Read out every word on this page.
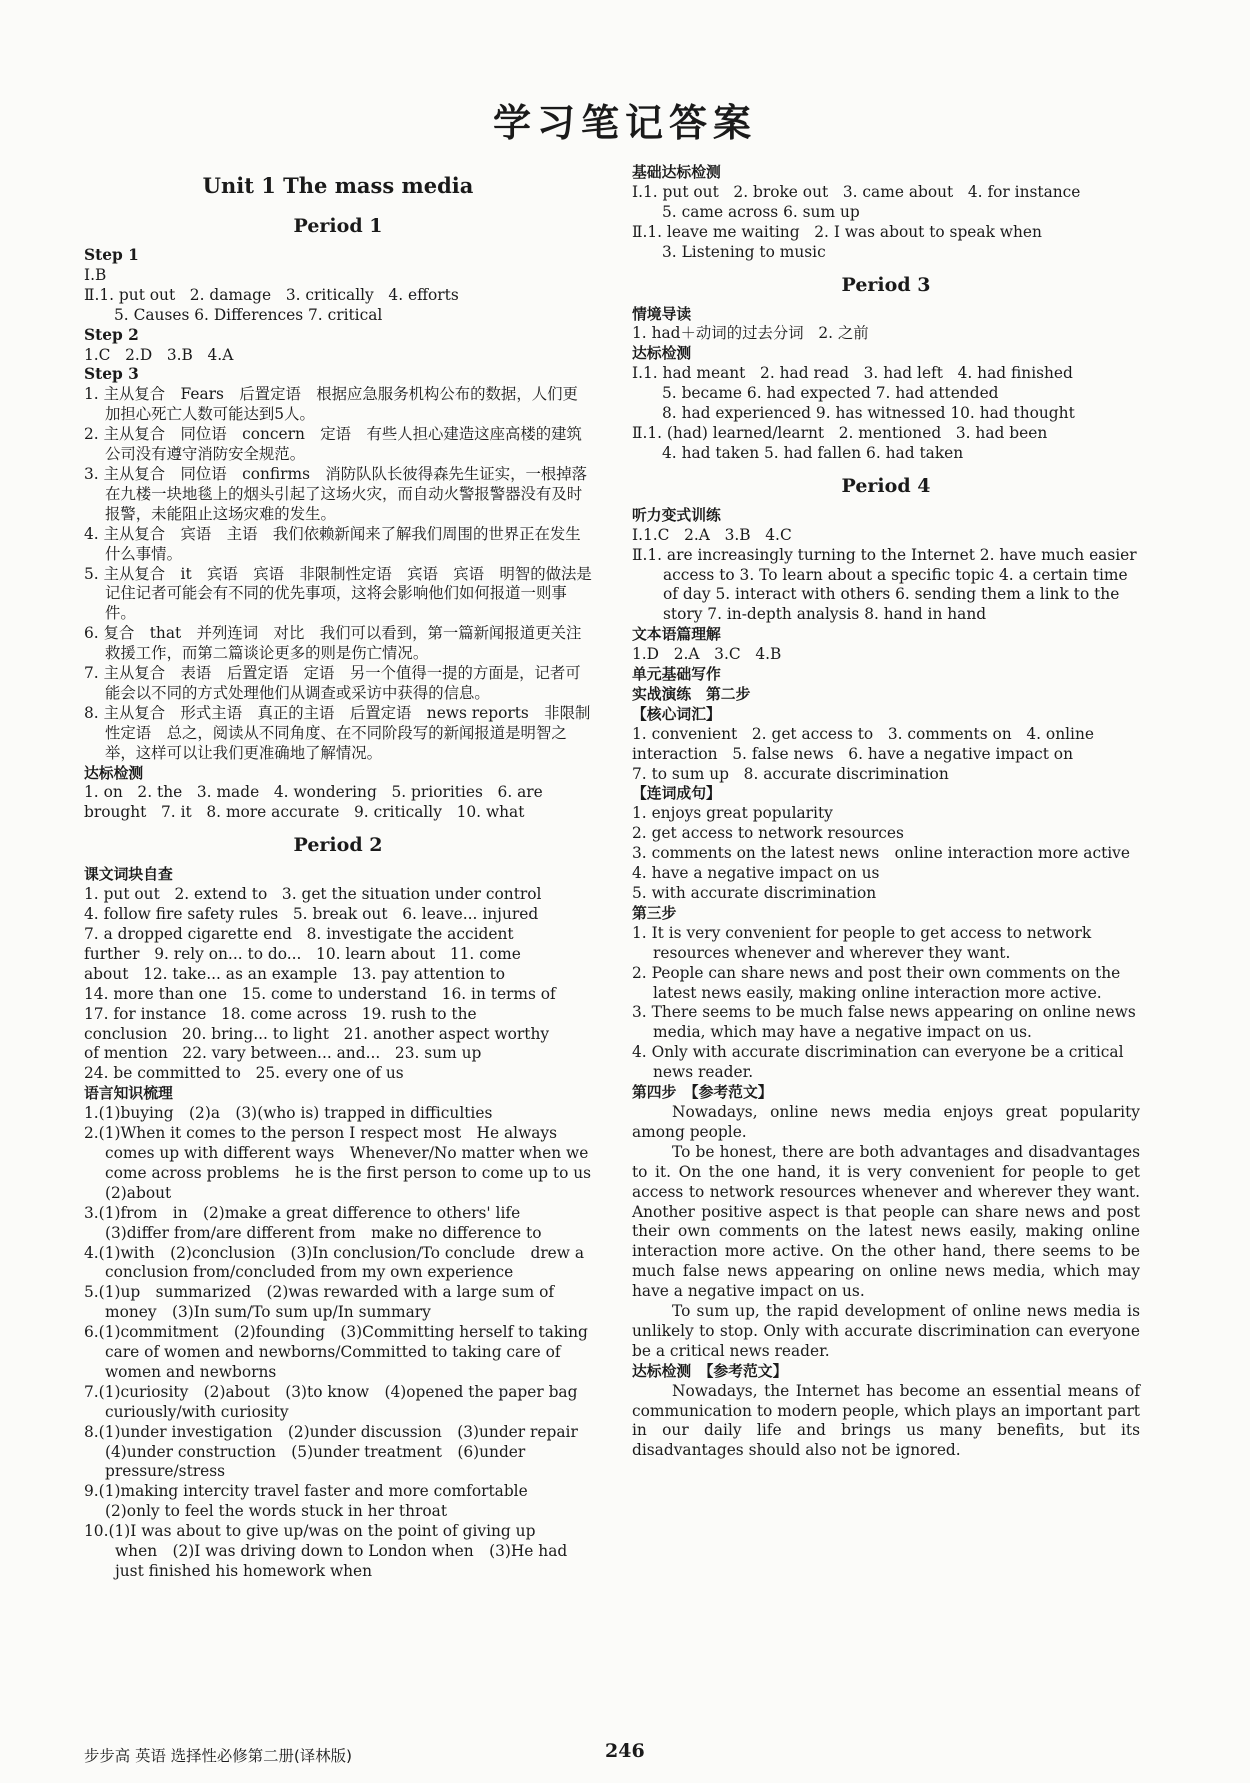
学习笔记答案

Unit 1 The mass media

Period 1

Step 1

Ⅰ.B

Ⅱ.1. put out   2. damage   3. critically   4. efforts

5. Causes 6. Differences 7. critical

Step 2

1.C   2.D   3.B   4.A

Step 3

1. 主从复合　Fears　后置定语　根据应急服务机构公布的数据，人们更加担心死亡人数可能达到5人。

2. 主从复合　同位语　concern　定语　有些人担心建造这座高楼的建筑公司没有遵守消防安全规范。

3. 主从复合　同位语　confirms　消防队队长彼得森先生证实，一根掉落在九楼一块地毯上的烟头引起了这场火灾，而自动火警报警器没有及时报警，未能阻止这场灾难的发生。

4. 主从复合　宾语　主语　我们依赖新闻来了解我们周围的世界正在发生什么事情。

5. 主从复合　it　宾语　宾语　非限制性定语　宾语　宾语　明智的做法是记住记者可能会有不同的优先事项，这将会影响他们如何报道一则事件。

6. 复合　that　并列连词　对比　我们可以看到，第一篇新闻报道更关注救援工作，而第二篇谈论更多的则是伤亡情况。

7. 主从复合　表语　后置定语　定语　另一个值得一提的方面是，记者可能会以不同的方式处理他们从调查或采访中获得的信息。

8. 主从复合　形式主语　真正的主语　后置定语　news reports　非限制性定语　总之，阅读从不同角度、在不同阶段写的新闻报道是明智之举，这样可以让我们更准确地了解情况。

达标检测

1. on   2. the   3. made   4. wondering   5. priorities   6. are

brought   7. it   8. more accurate   9. critically   10. what

Period 2

课文词块自查

1. put out   2. extend to   3. get the situation under control

4. follow fire safety rules   5. break out   6. leave... injured

7. a dropped cigarette end   8. investigate the accident

further   9. rely on... to do...   10. learn about   11. come

about   12. take... as an example   13. pay attention to

14. more than one   15. come to understand   16. in terms of

17. for instance   18. come across   19. rush to the

conclusion   20. bring... to light   21. another aspect worthy

of mention   22. vary between... and...   23. sum up

24. be committed to   25. every one of us

语言知识梳理

1.(1)buying　(2)a　(3)(who is) trapped in difficulties

2.(1)When it comes to the person I respect most　He always comes up with different ways　Whenever/No matter when we come across problems　he is the first person to come up to us　(2)about

3.(1)from　in　(2)make a great difference to others' life　(3)differ from/are different from　make no difference to

4.(1)with　(2)conclusion　(3)In conclusion/To conclude　drew a conclusion from/concluded from my own experience

5.(1)up　summarized　(2)was rewarded with a large sum of money　(3)In sum/To sum up/In summary

6.(1)commitment　(2)founding　(3)Committing herself to taking care of women and newborns/Committed to taking care of women and newborns

7.(1)curiosity　(2)about　(3)to know　(4)opened the paper bag curiously/with curiosity

8.(1)under investigation　(2)under discussion　(3)under repair　(4)under construction　(5)under treatment　(6)under pressure/stress

9.(1)making intercity travel faster and more comfortable　(2)only to feel the words stuck in her throat

10.(1)I was about to give up/was on the point of giving up　when　(2)I was driving down to London when　(3)He had just finished his homework when

基础达标检测

Ⅰ.1. put out   2. broke out   3. came about   4. for instance

5. came across 6. sum up

Ⅱ.1. leave me waiting   2. I was about to speak when

3. Listening to music

Period 3

情境导读

1. had＋动词的过去分词   2. 之前

达标检测

Ⅰ.1. had meant   2. had read   3. had left   4. had finished

5. became 6. had expected 7. had attended

8. had experienced 9. has witnessed 10. had thought

Ⅱ.1. (had) learned/learnt   2. mentioned   3. had been

4. had taken 5. had fallen 6. had taken

Period 4

听力变式训练

Ⅰ.1.C   2.A   3.B   4.C

Ⅱ.1. are increasingly turning to the Internet 2. have much easier access to 3. To learn about a specific topic 4. a certain time of day 5. interact with others 6. sending them a link to the story 7. in-depth analysis 8. hand in hand

文本语篇理解

1.D   2.A   3.C   4.B

单元基础写作

实战演练　第二步

【核心词汇】

1. convenient   2. get access to   3. comments on   4. online

interaction   5. false news   6. have a negative impact on

7. to sum up   8. accurate discrimination

【连词成句】

1. enjoys great popularity

2. get access to network resources

3. comments on the latest news　online interaction more active

4. have a negative impact on us

5. with accurate discrimination

第三步

1. It is very convenient for people to get access to network resources whenever and wherever they want.

2. People can share news and post their own comments on the latest news easily, making online interaction more active.

3. There seems to be much false news appearing on online news media, which may have a negative impact on us.

4. Only with accurate discrimination can everyone be a critical news reader.

第四步　【参考范文】

Nowadays, online news media enjoys great popularity among people.

To be honest, there are both advantages and disadvantages to it. On the one hand, it is very convenient for people to get access to network resources whenever and wherever they want. Another positive aspect is that people can share news and post their own comments on the latest news easily, making online interaction more active. On the other hand, there seems to be much false news appearing on online news media, which may have a negative impact on us.

To sum up, the rapid development of online news media is unlikely to stop. Only with accurate discrimination can everyone be a critical news reader.

达标检测　【参考范文】

Nowadays, the Internet has become an essential means of communication to modern people, which plays an important part in our daily life and brings us many benefits, but its disadvantages should also not be ignored.

步步高 英语 选择性必修第二册(译林版)	246
